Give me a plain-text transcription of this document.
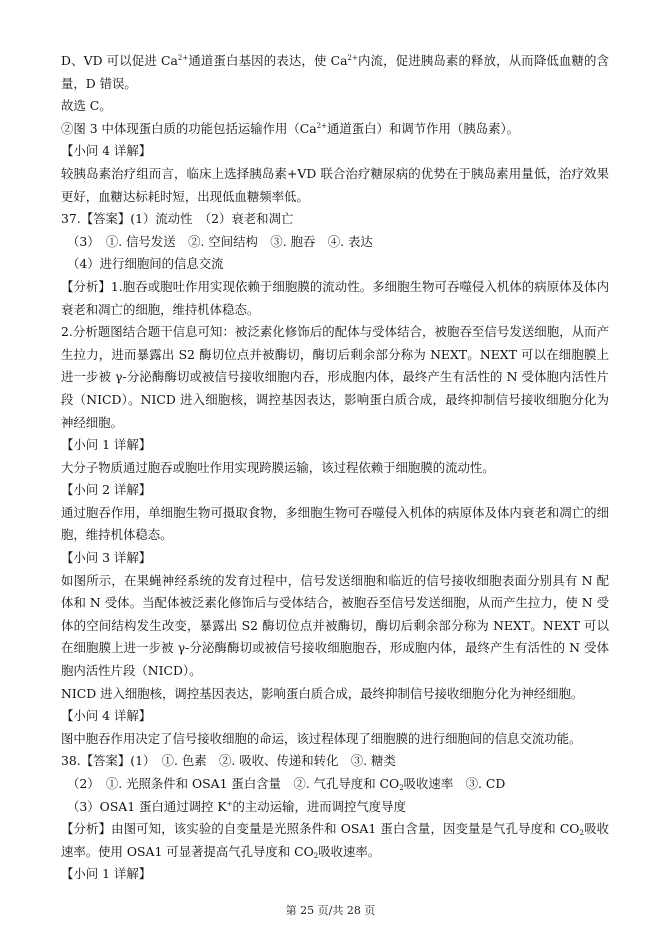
D、VD 可以促进 $Ca^{2+}$通道蛋白基因的表达，使 $Ca^{2+}$内流，促进胰岛素的释放，从而降低血糖的含量，D 错误。

故选 C。

②图 3 中体现蛋白质的功能包括运输作用（$Ca^{2+}$通道蛋白）和调节作用（胰岛素）。

【小问 4 详解】

较胰岛素治疗组而言，临床上选择胰岛素+VD 联合治疗糖尿病的优势在于胰岛素用量低，治疗效果更好，血糖达标耗时短，出现低血糖频率低。

37.【答案】(1）流动性　（2）衰老和凋亡

（3）　①. 信号发送　②. 空间结构　③. 胞吞　④. 表达

（4）进行细胞间的信息交流

【分析】1.胞吞或胞吐作用实现依赖于细胞膜的流动性。多细胞生物可吞噬侵入机体的病原体及体内衰老和凋亡的细胞，维持机体稳态。

2.分析题图结合题干信息可知：被泛素化修饰后的配体与受体结合，被胞吞至信号发送细胞，从而产生拉力，进而暴露出 S2 酶切位点并被酶切，酶切后剩余部分称为 NEXT。NEXT 可以在细胞膜上进一步被 γ-分泌酶酶切或被信号接收细胞内吞，形成胞内体，最终产生有活性的 N 受体胞内活性片段（NICD）。NICD 进入细胞核，调控基因表达，影响蛋白质合成，最终抑制信号接收细胞分化为神经细胞。

【小问 1 详解】

大分子物质通过胞吞或胞吐作用实现跨膜运输，该过程依赖于细胞膜的流动性。

【小问 2 详解】

通过胞吞作用，单细胞生物可摄取食物，多细胞生物可吞噬侵入机体的病原体及体内衰老和凋亡的细胞，维持机体稳态。

【小问 3 详解】

如图所示，在果蝇神经系统的发育过程中，信号发送细胞和临近的信号接收细胞表面分别具有 N 配体和 N 受体。当配体被泛素化修饰后与受体结合，被胞吞至信号发送细胞，从而产生拉力，使 N 受体的空间结构发生改变，暴露出 S2 酶切位点并被酶切，酶切后剩余部分称为 NEXT。NEXT 可以在细胞膜上进一步被 γ-分泌酶酶切或被信号接收细胞胞吞，形成胞内体，最终产生有活性的 N 受体胞内活性片段（NICD）。

NICD 进入细胞核，调控基因表达，影响蛋白质合成，最终抑制信号接收细胞分化为神经细胞。

【小问 4 详解】

图中胞吞作用决定了信号接收细胞的命运，该过程体现了细胞膜的进行细胞间的信息交流功能。

38.【答案】(1）　①. 色素　②. 吸收、传递和转化　③. 糖类

（2）　①. 光照条件和 OSA1 蛋白含量　②. 气孔导度和 $CO_2$吸收速率　③. CD

（3）OSA1 蛋白通过调控 K+的主动运输，进而调控气度导度

【分析】由图可知，该实验的自变量是光照条件和 OSA1 蛋白含量，因变量是气孔导度和 $CO_2$吸收速率。使用 OSA1 可显著提高气孔导度和 $CO_2$吸收速率。

【小问 1 详解】

第 25 页/共 28 页
